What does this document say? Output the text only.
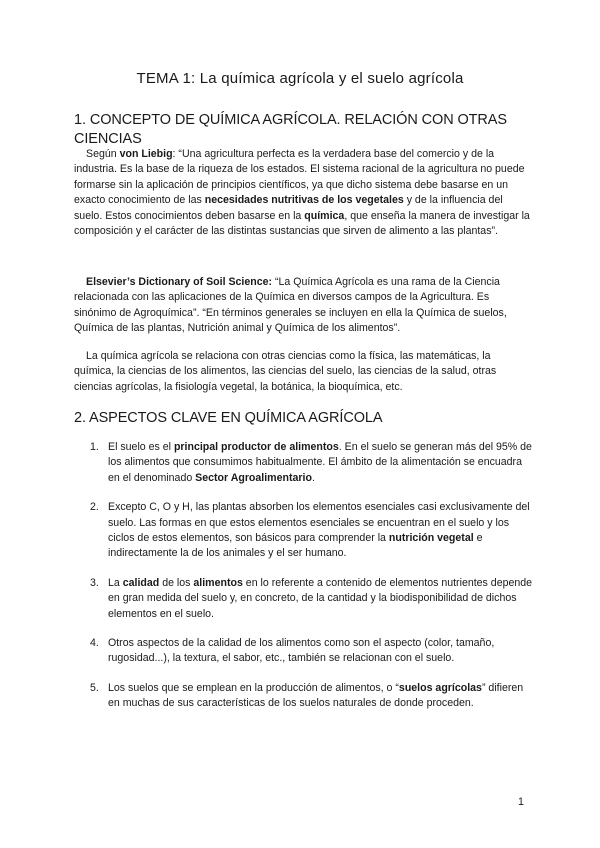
TEMA 1: La química agrícola y el suelo agrícola
1. CONCEPTO DE QUÍMICA AGRÍCOLA. RELACIÓN CON OTRAS CIENCIAS

Según von Liebig: “Una agricultura perfecta es la verdadera base del comercio y de la industria. Es la base de la riqueza de los estados. El sistema racional de la agricultura no puede formarse sin la aplicación de principios científicos, ya que dicho sistema debe basarse en un exacto conocimiento de las necesidades nutritivas de los vegetales y de la influencia del suelo. Estos conocimientos deben basarse en la química, que enseña la manera de investigar la composición y el carácter de las distintas sustancias que sirven de alimento a las plantas”.

Elsevier’s Dictionary of Soil Science: “La Química Agrícola es una rama de la Ciencia relacionada con las aplicaciones de la Química en diversos campos de la Agricultura. Es sinónimo de Agroquímica”. “En términos generales se incluyen en ella la Química de suelos, Química de las plantas, Nutrición animal y Química de los alimentos”.

La química agrícola se relaciona con otras ciencias como la física, las matemáticas, la química, la ciencias de los alimentos, las ciencias del suelo, las ciencias de la salud, otras ciencias agrícolas, la fisiología vegetal, la botánica, la bioquímica, etc.

2. ASPECTOS CLAVE EN QUÍMICA AGRÍCOLA
1. El suelo es el principal productor de alimentos. En el suelo se generan más del 95% de los alimentos que consumimos habitualmente. El ámbito de la alimentación se encuadra en el denominado Sector Agroalimentario.
2. Excepto C, O y H, las plantas absorben los elementos esenciales casi exclusivamente del suelo. Las formas en que estos elementos esenciales se encuentran en el suelo y los ciclos de estos elementos, son básicos para comprender la nutrición vegetal e indirectamente la de los animales y el ser humano.
3. La calidad de los alimentos en lo referente a contenido de elementos nutrientes depende en gran medida del suelo y, en concreto, de la cantidad y la biodisponibilidad de dichos elementos en el suelo.
4. Otros aspectos de la calidad de los alimentos como son el aspecto (color, tamaño, rugosidad...), la textura, el sabor, etc., también se relacionan con el suelo.
5. Los suelos que se emplean en la producción de alimentos, o “suelos agrícolas” difieren en muchas de sus características de los suelos naturales de donde proceden.
1
